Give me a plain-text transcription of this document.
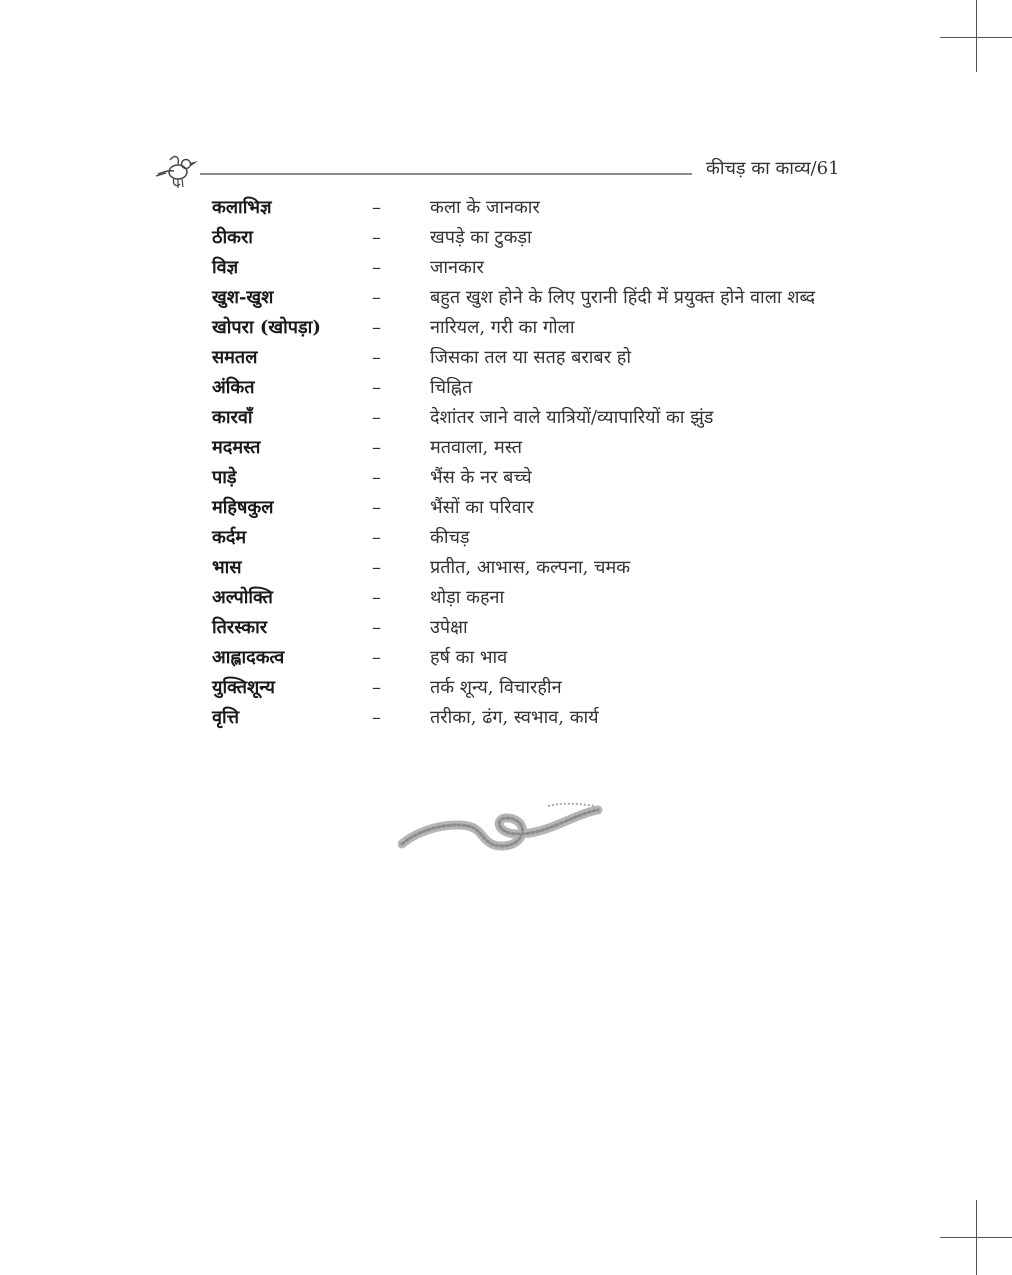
कीचड़ का काव्य/61
कलाभिज्ञ	–	कला के जानकार
ठीकरा	–	खपड़े का टुकड़ा
विज्ञ	–	जानकार
खुश-खुश	–	बहुत खुश होने के लिए पुरानी हिंदी में प्रयुक्त होने वाला शब्द
खोपरा (खोपड़ा)	–	नारियल, गरी का गोला
समतल	–	जिसका तल या सतह बराबर हो
अंकित	–	चिह्नित
कारवाँ	–	देशांतर जाने वाले यात्रियों/व्यापारियों का झुंड
मदमस्त	–	मतवाला, मस्त
पाड़े	–	भैंस के नर बच्चे
महिषकुल	–	भैंसों का परिवार
कर्दम	–	कीचड़
भास	–	प्रतीत, आभास, कल्पना, चमक
अल्पोक्ति	–	थोड़ा कहना
तिरस्कार	–	उपेक्षा
आह्लादकत्व	–	हर्ष का भाव
युक्तिशून्य	–	तर्क शून्य, विचारहीन
वृत्ति	–	तरीका, ढंग, स्वभाव, कार्य
